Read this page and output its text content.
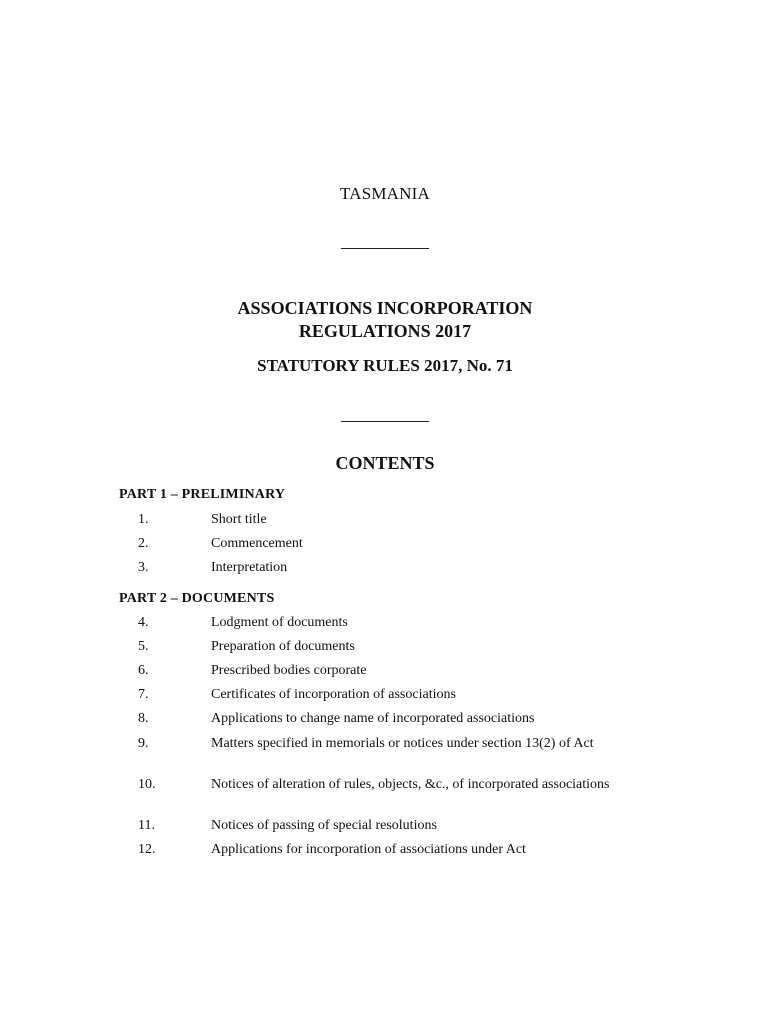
TASMANIA
ASSOCIATIONS INCORPORATION
REGULATIONS 2017
STATUTORY RULES 2017, No. 71
CONTENTS
PART 1 – PRELIMINARY
1.	Short title
2.	Commencement
3.	Interpretation
PART 2 – DOCUMENTS
4.	Lodgment of documents
5.	Preparation of documents
6.	Prescribed bodies corporate
7.	Certificates of incorporation of associations
8.	Applications to change name of incorporated associations
9.	Matters specified in memorials or notices under section 13(2) of Act
10.	Notices of alteration of rules, objects, &c., of incorporated associations
11.	Notices of passing of special resolutions
12.	Applications for incorporation of associations under Act
